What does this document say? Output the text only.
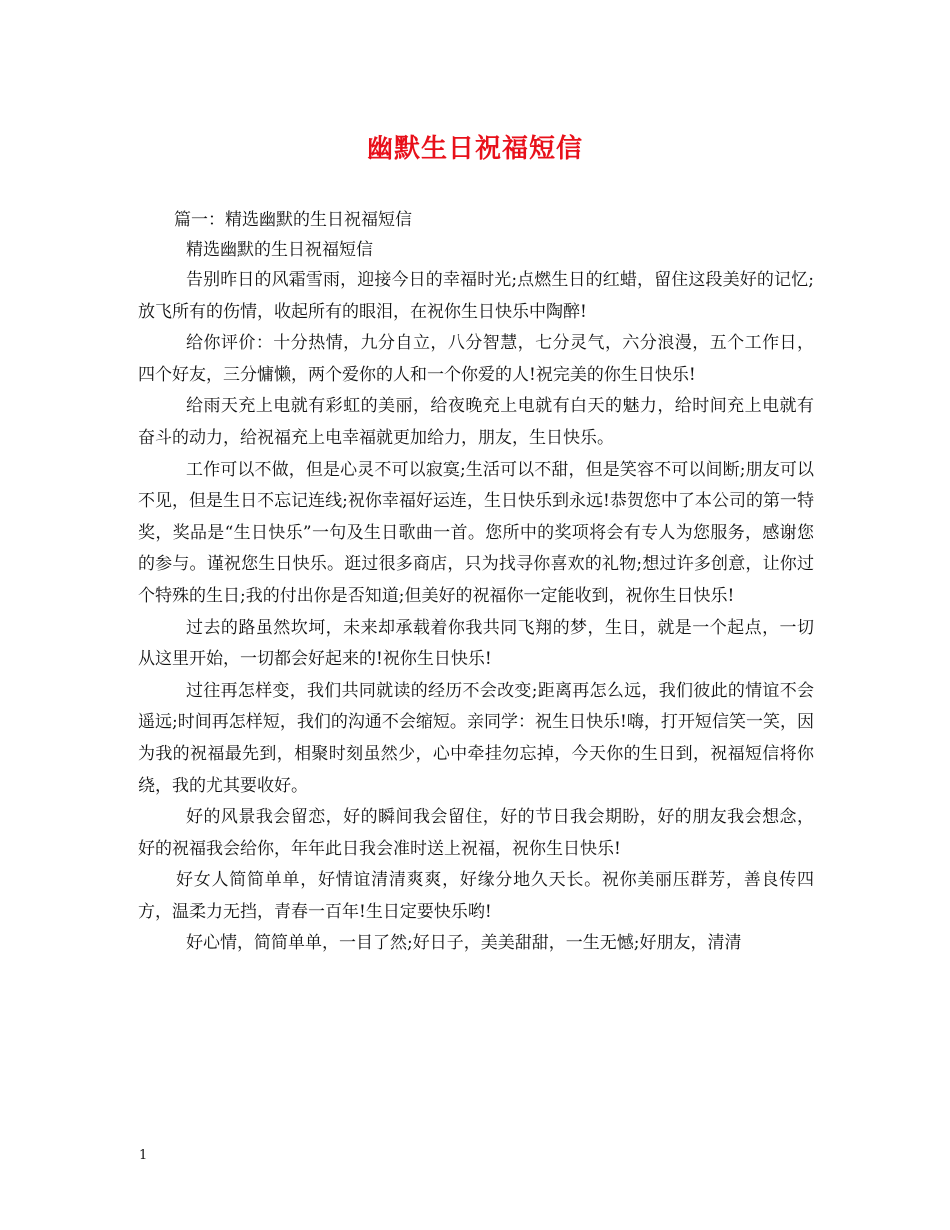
幽默生日祝福短信
篇一：精选幽默的生日祝福短信
精选幽默的生日祝福短信

告别昨日的风霜雪雨，迎接今日的幸福时光;点燃生日的红蜡，留住这段美好的记忆;放飞所有的伤情，收起所有的眼泪，在祝你生日快乐中陶醉!

给你评价：十分热情，九分自立，八分智慧，七分灵气，六分浪漫，五个工作日，四个好友，三分慵懒，两个爱你的人和一个你爱的人!祝完美的你生日快乐!

给雨天充上电就有彩虹的美丽，给夜晚充上电就有白天的魅力，给时间充上电就有奋斗的动力，给祝福充上电幸福就更加给力，朋友，生日快乐。

工作可以不做，但是心灵不可以寂寞;生活可以不甜，但是笑容不可以间断;朋友可以不见，但是生日不忘记连线;祝你幸福好运连，生日快乐到永远!恭贺您中了本公司的第一特奖，奖品是“生日快乐”一句及生日歌曲一首。您所中的奖项将会有专人为您服务，感谢您的参与。谨祝您生日快乐。逛过很多商店，只为找寻你喜欢的礼物;想过许多创意，让你过个特殊的生日;我的付出你是否知道;但美好的祝福你一定能收到，祝你生日快乐!

过去的路虽然坎坷，未来却承载着你我共同飞翔的梦，生日，就是一个起点，一切从这里开始，一切都会好起来的!祝你生日快乐!

过往再怎样变，我们共同就读的经历不会改变;距离再怎么远，我们彼此的情谊不会遥远;时间再怎样短，我们的沟通不会缩短。亲同学：祝生日快乐!嗨，打开短信笑一笑，因为我的祝福最先到，相聚时刻虽然少，心中牵挂勿忘掉，今天你的生日到，祝福短信将你绕，我的尤其要收好。

好的风景我会留恋，好的瞬间我会留住，好的节日我会期盼，好的朋友我会想念，好的祝福我会给你，年年此日我会准时送上祝福，祝你生日快乐!

好女人简简单单，好情谊清清爽爽，好缘分地久天长。祝你美丽压群芳，善良传四方，温柔力无挡，青春一百年!生日定要快乐哟!

好心情，简简单单，一目了然;好日子，美美甜甜，一生无憾;好朋友，清清

1
